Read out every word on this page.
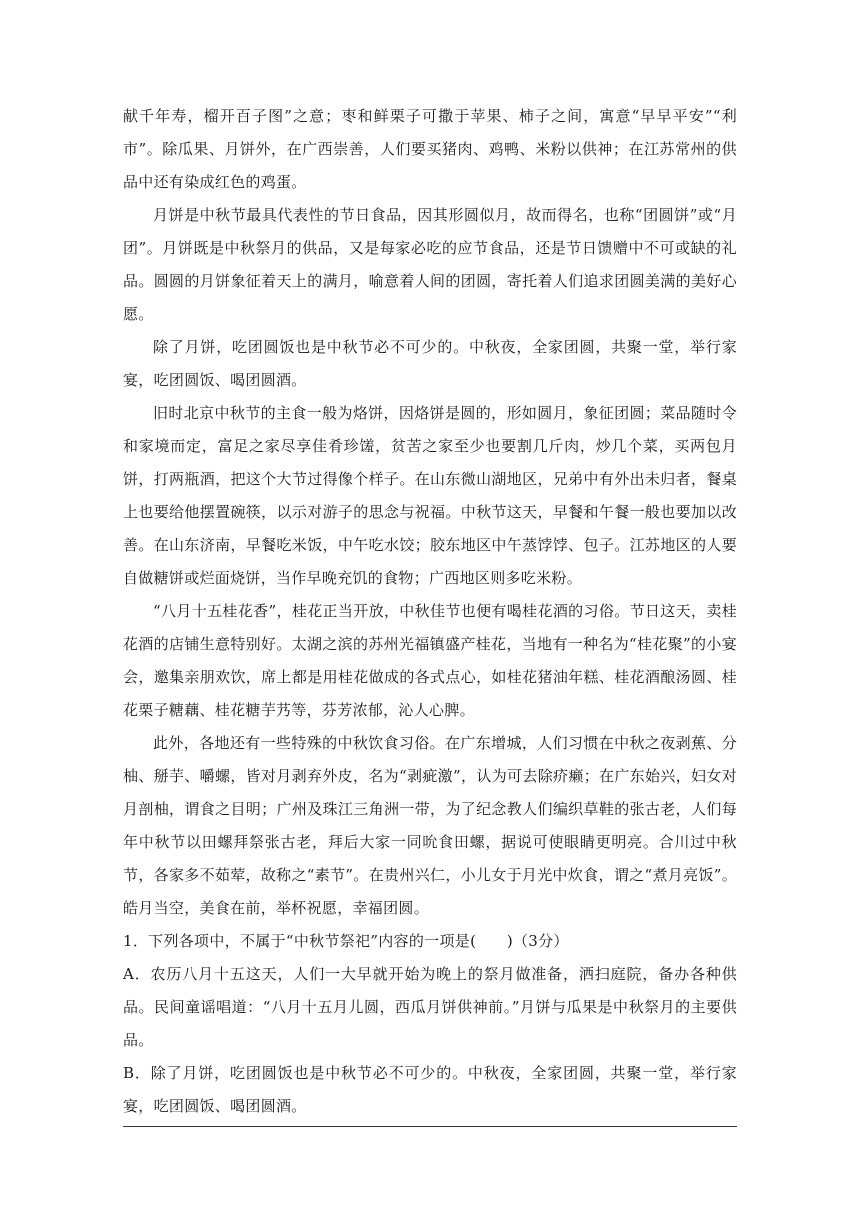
献千年寿，榴开百子图”之意；枣和鲜栗子可撒于苹果、柿子之间，寓意“早早平安”“利市”。除瓜果、月饼外，在广西崇善，人们要买猪肉、鸡鸭、米粉以供神；在江苏常州的供品中还有染成红色的鸡蛋。

月饼是中秋节最具代表性的节日食品，因其形圆似月，故而得名，也称“团圆饼”或“月团”。月饼既是中秋祭月的供品，又是每家必吃的应节食品，还是节日馈赠中不可或缺的礼品。圆圆的月饼象征着天上的满月，喻意着人间的团圆，寄托着人们追求团圆美满的美好心愿。

除了月饼，吃团圆饭也是中秋节必不可少的。中秋夜，全家团圆，共聚一堂，举行家宴，吃团圆饭、喝团圆酒。

旧时北京中秋节的主食一般为烙饼，因烙饼是圆的，形如圆月，象征团圆；菜品随时令和家境而定，富足之家尽享佳肴珍馐，贫苦之家至少也要割几斤肉，炒几个菜，买两包月饼，打两瓶酒，把这个大节过得像个样子。在山东微山湖地区，兄弟中有外出未归者，餐桌上也要给他摆置碗筷，以示对游子的思念与祝福。中秋节这天，早餐和午餐一般也要加以改善。在山东济南，早餐吃米饭，中午吃水饺；胶东地区中午蒸饽饽、包子。江苏地区的人要自做糖饼或烂面烧饼，当作早晚充饥的食物；广西地区则多吃米粉。

“八月十五桂花香”，桂花正当开放，中秋佳节也便有喝桂花酒的习俗。节日这天，卖桂花酒的店铺生意特别好。太湖之滨的苏州光福镇盛产桂花，当地有一种名为“桂花聚”的小宴会，邀集亲朋欢饮，席上都是用桂花做成的各式点心，如桂花猪油年糕、桂花酒酿汤圆、桂花栗子糖藕、桂花糖芋艿等，芬芳浓郁，沁人心脾。

此外，各地还有一些特殊的中秋饮食习俗。在广东增城，人们习惯在中秋之夜剥蕉、分柚、掰芋、嚼螺，皆对月剥弃外皮，名为“剥疵激”，认为可去除疥癞；在广东始兴，妇女对月剖柚，谓食之目明；广州及珠江三角洲一带，为了纪念教人们编织草鞋的张古老，人们每年中秋节以田螺拜祭张古老，拜后大家一同吮食田螺，据说可使眼睛更明亮。合川过中秋节，各家多不茹荤，故称之“素节”。在贵州兴仁，小儿女于月光中炊食，谓之“煮月亮饭”。皓月当空，美食在前，举杯祝愿，幸福团圆。

1．下列各项中，不属于“中秋节祭祀”内容的一项是(　　)（3分）

A．农历八月十五这天，人们一大早就开始为晚上的祭月做准备，洒扫庭院，备办各种供品。民间童谣唱道：“八月十五月儿圆，西瓜月饼供神前。”月饼与瓜果是中秋祭月的主要供品。

B．除了月饼，吃团圆饭也是中秋节必不可少的。中秋夜，全家团圆，共聚一堂，举行家宴，吃团圆饭、喝团圆酒。
